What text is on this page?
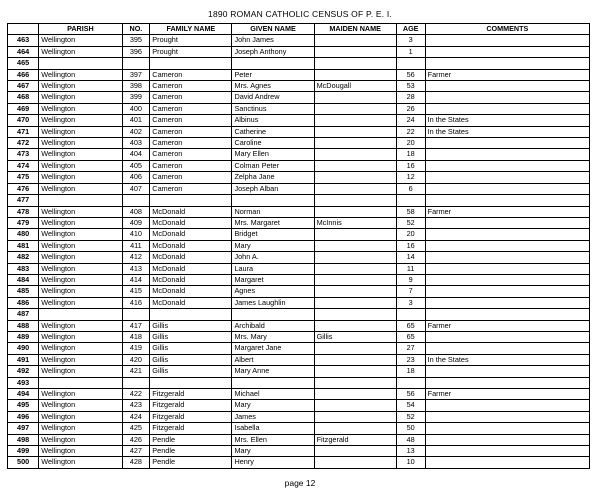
1890 ROMAN CATHOLIC CENSUS OF P. E. I.
	PARISH	NO.	FAMILY NAME	GIVEN NAME	MAIDEN NAME	AGE	COMMENTS
463	Wellington	395	Prought	John James		3	
464	Wellington	396	Prought	Joseph Anthony		1	
465							
466	Wellington	397	Cameron	Peter		56	Farmer
467	Wellington	398	Cameron	Mrs. Agnes	McDougall	53	
468	Wellington	399	Cameron	David Andrew		28	
469	Wellington	400	Cameron	Sanctinus		26	
470	Wellington	401	Cameron	Albinus		24	In the States
471	Wellington	402	Cameron	Catherine		22	In the States
472	Wellington	403	Cameron	Caroline		20	
473	Wellington	404	Cameron	Mary Ellen		18	
474	Wellington	405	Cameron	Colman Peter		16	
475	Wellington	406	Cameron	Zelpha Jane		12	
476	Wellington	407	Cameron	Joseph Alban		6	
477							
478	Wellington	408	McDonald	Norman		58	Farmer
479	Wellington	409	McDonald	Mrs. Margaret	McInnis	52	
480	Wellington	410	McDonald	Bridget		20	
481	Wellington	411	McDonald	Mary		16	
482	Wellington	412	McDonald	John A.		14	
483	Wellington	413	McDonald	Laura		11	
484	Wellington	414	McDonald	Margaret		9	
485	Wellington	415	McDonald	Agnes		7	
486	Wellington	416	McDonald	James Laughlin		3	
487							
488	Wellington	417	Gillis	Archibald		65	Farmer
489	Wellington	418	Gillis	Mrs. Mary	Gillis	65	
490	Wellington	419	Gillis	Margaret Jane		27	
491	Wellington	420	Gillis	Albert		23	In the States
492	Wellington	421	Gillis	Mary Anne		18	
493							
494	Wellington	422	Fitzgerald	Michael		56	Farmer
495	Wellington	423	Fitzgerald	Mary		54	
496	Wellington	424	Fitzgerald	James		52	
497	Wellington	425	Fitzgerald	Isabella		50	
498	Wellington	426	Pendle	Mrs. Ellen	Fitzgerald	48	
499	Wellington	427	Pendle	Mary		13	
500	Wellington	428	Pendle	Henry		10	
page 12
